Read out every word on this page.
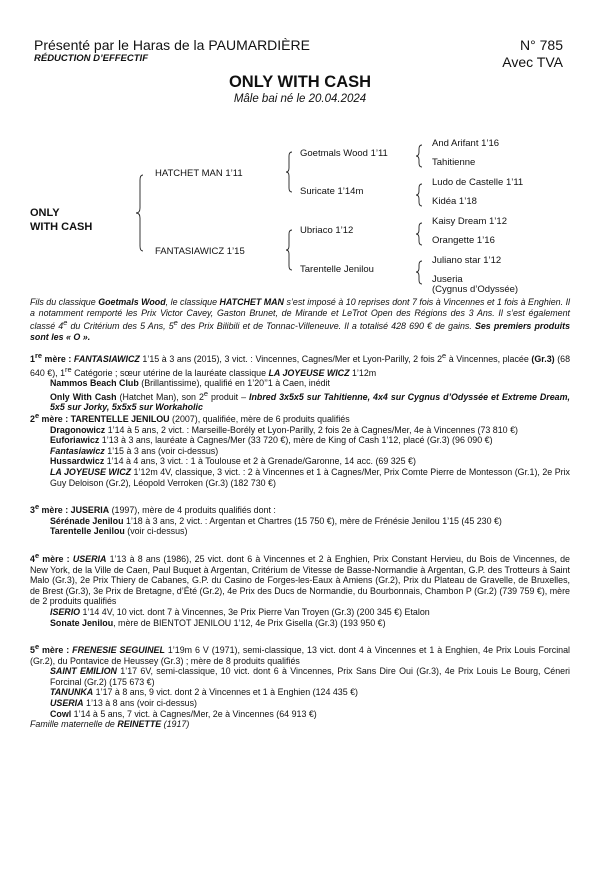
Présenté par le Haras de la PAUMARDIÈRE
RÉDUCTION D’EFFECTIF
N° 785
Avec TVA
ONLY WITH CASH
Mâle bai né le 20.04.2024
ONLY
WITH CASH
HATCHET MAN 1’11
FANTASIAWICZ 1’15
Goetmals Wood 1’11
Suricate 1’14m
Ubriaco 1’12
Tarentelle Jenilou
And Arifant 1’16
Tahitienne
Ludo de Castelle 1’11
Kidéa 1’18
Kaisy Dream 1’12
Orangette 1’16
Juliano star 1’12
Juseria
(Cygnus d’Odyssée)
Fils du classique Goetmals Wood, le classique HATCHET MAN s’est imposé à 10 reprises dont 7 fois à Vincennes et 1 fois à Enghien. Il a notamment remporté les Prix Victor Cavey, Gaston Brunet, de Mirande et LeTrot Open des Régions des 3 Ans. Il s’est également classé 4e du Critérium des 5 Ans, 5e des Prix Bilibili et de Tonnac-Villeneuve. Il a totalisé 428 690 € de gains. Ses premiers produits sont les « O ».

1re mère : FANTASIAWICZ 1’15 à 3 ans (2015), 3 vict. : Vincennes, Cagnes/Mer et Lyon-Parilly, 2 fois 2e à Vincennes, placée (Gr.3) (68 640 €), 1re Catégorie ; sœur utérine de la lauréate classique LA JOYEUSE WICZ 1’12m

Nammos Beach Club (Brillantissime), qualifié en 1’20’’1 à Caen, inédit

Only With Cash (Hatchet Man), son 2e produit – Inbred 3x5x5 sur Tahitienne, 4x4 sur Cygnus d’Odyssée et Extreme Dream, 5x5 sur Jorky, 5x5x5 sur Workaholic

2e mère : TARENTELLE JENILOU (2007), qualifiée, mère de 6 produits qualifiés

Dragonowicz 1’14 à 5 ans, 2 vict. : Marseille-Borély et Lyon-Parilly, 2 fois 2e à Cagnes/Mer, 4e à Vincennes (73 810 €)

Euforiawicz 1’13 à 3 ans, lauréate à Cagnes/Mer (33 720 €), mère de King of Cash 1’12, placé (Gr.3) (96 090 €)

Fantasiawicz 1’15 à 3 ans (voir ci-dessus)

Hussardwicz 1’14 à 4 ans, 3 vict. : 1 à Toulouse et 2 à Grenade/Garonne, 14 acc. (69 325 €)

LA JOYEUSE WICZ 1’12m 4V, classique, 3 vict. : 2 à Vincennes et 1 à Cagnes/Mer, Prix Comte Pierre de Montesson (Gr.1), 2e Prix Guy Deloison (Gr.2), Léopold Verroken (Gr.3) (182 730 €)

3e mère : JUSERIA (1997), mère de 4 produits qualifiés dont :

Sérénade Jenilou 1’18 à 3 ans, 2 vict. : Argentan et Chartres (15 750 €), mère de Frénésie Jenilou 1’15 (45 230 €)

Tarentelle Jenilou (voir ci-dessus)

4e mère : USERIA 1’13 à 8 ans (1986), 25 vict. dont 6 à Vincennes et 2 à Enghien, Prix Constant Hervieu, du Bois de Vincennes, de New York, de la Ville de Caen, Paul Buquet à Argentan, Critérium de Vitesse de Basse-Normandie à Argentan, G.P. des Trotteurs à Saint Malo (Gr.3), 2e Prix Thiery de Cabanes, G.P. du Casino de Forges-les-Eaux à Amiens (Gr.2), Prix du Plateau de Gravelle, de Bruxelles, de Brest (Gr.3), 3e Prix de Bretagne, d’Été (Gr.2), 4e Prix des Ducs de Normandie, du Bourbonnais, Chambon P (Gr.2) (739 759 €), mère de 2 produits qualifiés

ISERIO 1’14 4V, 10 vict. dont 7 à Vincennes, 3e Prix Pierre Van Troyen (Gr.3) (200 345 €) Etalon

Sonate Jenilou, mère de BIENTOT JENILOU 1’12, 4e Prix Gisella (Gr.3) (193 950 €)

5e mère : FRENESIE SEGUINEL 1’19m 6 V (1971), semi-classique, 13 vict. dont 4 à Vincennes et 1 à Enghien, 4e Prix Louis Forcinal (Gr.2), du Pontavice de Heussey (Gr.3) ; mère de 8 produits qualifiés

SAINT EMILION 1’17 6V, semi-classique, 10 vict. dont 6 à Vincennes, Prix Sans Dire Oui (Gr.3), 4e Prix Louis Le Bourg, Céneri Forcinal (Gr.2) (175 673 €)

TANUNKA 1’17 à 8 ans, 9 vict. dont 2 à Vincennes et 1 à Enghien (124 435 €)

USERIA 1’13 à 8 ans (voir ci-dessus)

Cowl 1’14 à 5 ans, 7 vict. à Cagnes/Mer, 2e à Vincennes (64 913 €)

Famille maternelle de REINETTE (1917)
